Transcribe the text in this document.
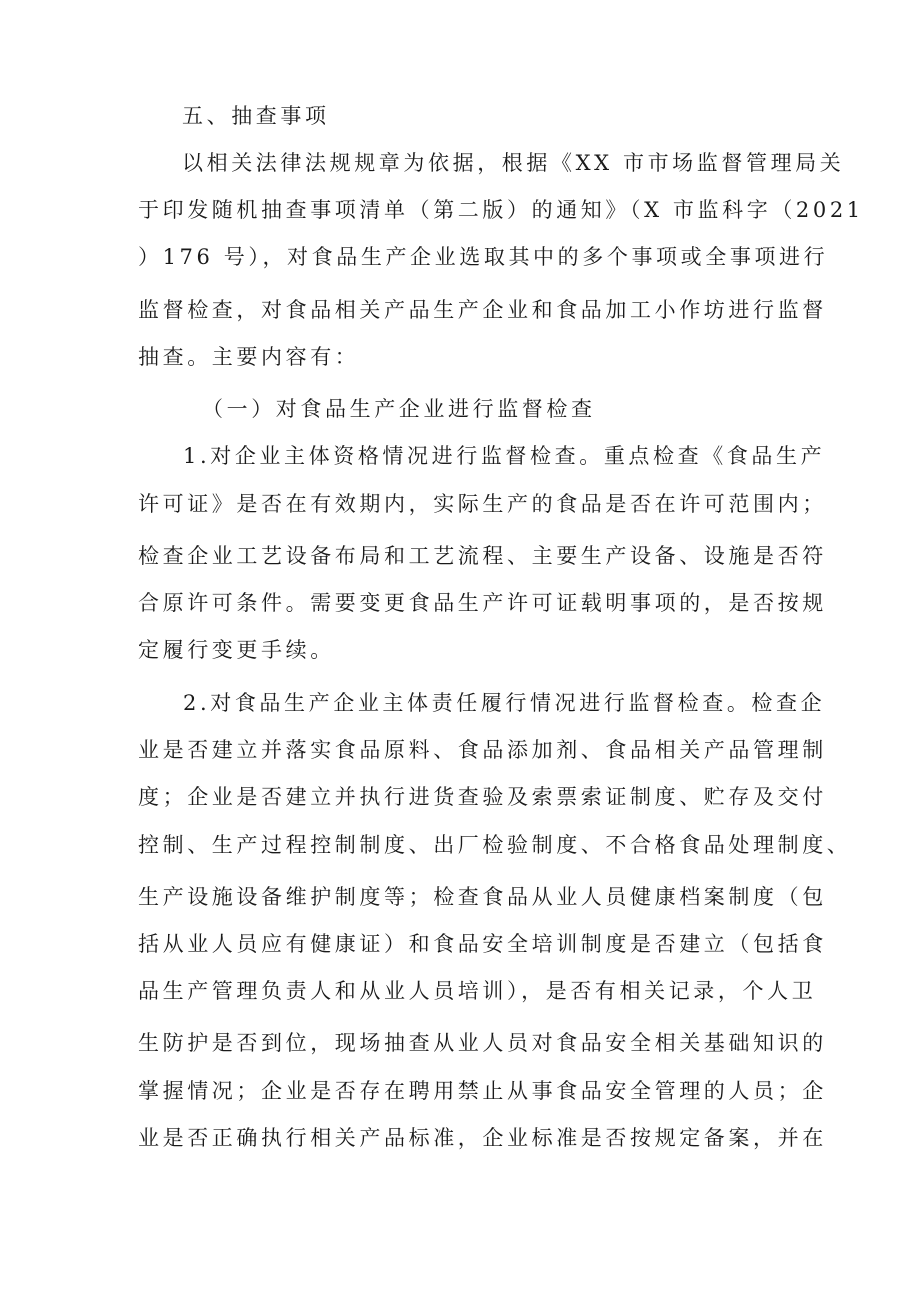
五、抽查事项
以相关法律法规规章为依据，根据《XX 市市场监督管理局关
于印发随机抽查事项清单（第二版）的通知》（X 市监科字（2021
）176 号），对食品生产企业选取其中的多个事项或全事项进行
监督检查，对食品相关产品生产企业和食品加工小作坊进行监督
抽查。主要内容有：
（一）对食品生产企业进行监督检查
1.对企业主体资格情况进行监督检查。重点检查《食品生产
许可证》是否在有效期内，实际生产的食品是否在许可范围内；
检查企业工艺设备布局和工艺流程、主要生产设备、设施是否符
合原许可条件。需要变更食品生产许可证载明事项的，是否按规
定履行变更手续。
2.对食品生产企业主体责任履行情况进行监督检查。检查企
业是否建立并落实食品原料、食品添加剂、食品相关产品管理制
度；企业是否建立并执行进货查验及索票索证制度、贮存及交付
控制、生产过程控制制度、出厂检验制度、不合格食品处理制度、
生产设施设备维护制度等；检查食品从业人员健康档案制度（包
括从业人员应有健康证）和食品安全培训制度是否建立（包括食
品生产管理负责人和从业人员培训），是否有相关记录，个人卫
生防护是否到位，现场抽查从业人员对食品安全相关基础知识的
掌握情况；企业是否存在聘用禁止从事食品安全管理的人员；企
业是否正确执行相关产品标准，企业标准是否按规定备案，并在
